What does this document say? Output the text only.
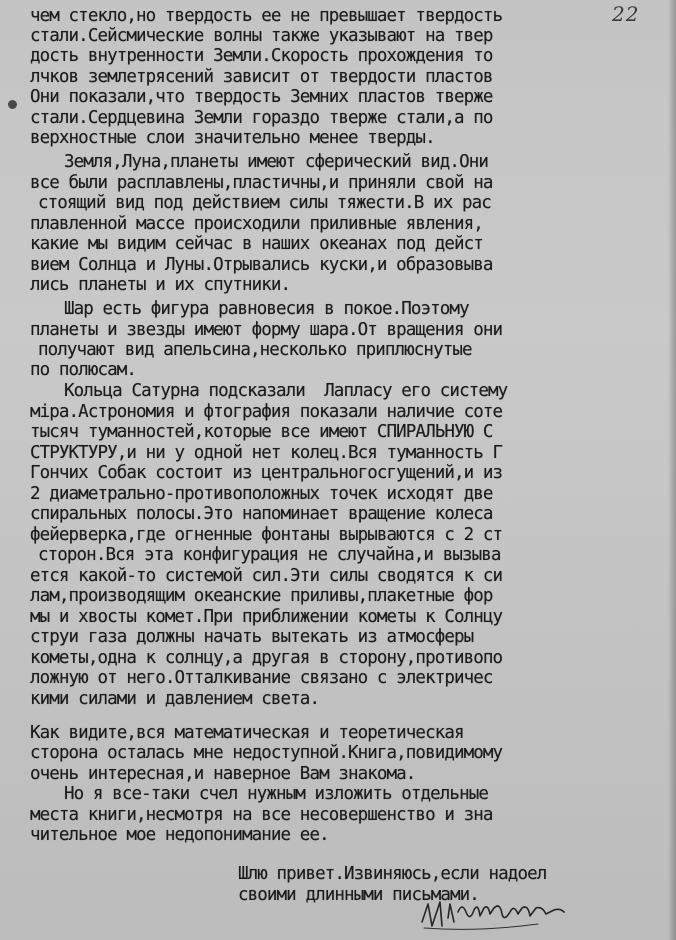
22

чем стекло,но твердость ее не превышает твердость

стали.Сейсмические волны также указывают на твер

дость внутренности Земли.Скорость прохождения то

лчков землетрясений зависит от твердости пластов

Они показали,что твердость Земних пластов тверже

стали.Сердцевина Земли гораздо тверже стали,а по

верхностные слои значительно менее тверды.

Земля,Луна,планеты имеют сферический вид.Они

все были расплавлены,пластичны,и приняли свой на

стоящий вид под действием силы тяжести.В их рас

плавленной массе происходили приливные явления,

какие мы видим сейчас в наших океанах под дейст

вием Солнца и Луны.Отрывались куски,и образовыва

лись планеты и их спутники.

Шар есть фигура равновесия в покое.Поэтому

планеты и звезды имеют форму шара.От вращения они

получают вид апельсина,несколько приплюснутые

по полюсам.

Кольца Сатурна подсказали  Лапласу его систему

міра.Астрономия и фтография показали наличие соте

тысяч туманностей,которые все имеют СПИРАЛЬНУЮ С

СТРУКТУРУ,и ни у одной нет колец.Вся туманность Г

Гончих Собак состоит из центральногосгущений,и из

2 диаметрально-противоположных точек исходят две

спиральных полосы.Это напоминает вращение колеса

фейерверка,где огненные фонтаны вырываются с 2 ст

сторон.Вся эта конфигурация не случайна,и вызыва

ется какой-то системой сил.Эти силы сводятся к си

лам,производящим океанские приливы,плакетные фор

мы и хвосты комет.При приближении кометы к Солнцу

струи газа должны начать вытекать из атмосферы

кометы,одна к солнцу,а другая в сторону,противопо

ложную от него.Отталкивание связано с электричес

кими силами и давлением света.

Как видите,вся математическая и теоретическая

сторона осталась мне недоступной.Книга,повидимому

очень интересная,и наверное Вам знакома.

Но я все-таки счел нужным изложить отдельные

места книги,несмотря на все несовершенство и зна

чительное мое недопонимание ее.

Шлю привет.Извиняюсь,если надоел

своими длинными письмами.
